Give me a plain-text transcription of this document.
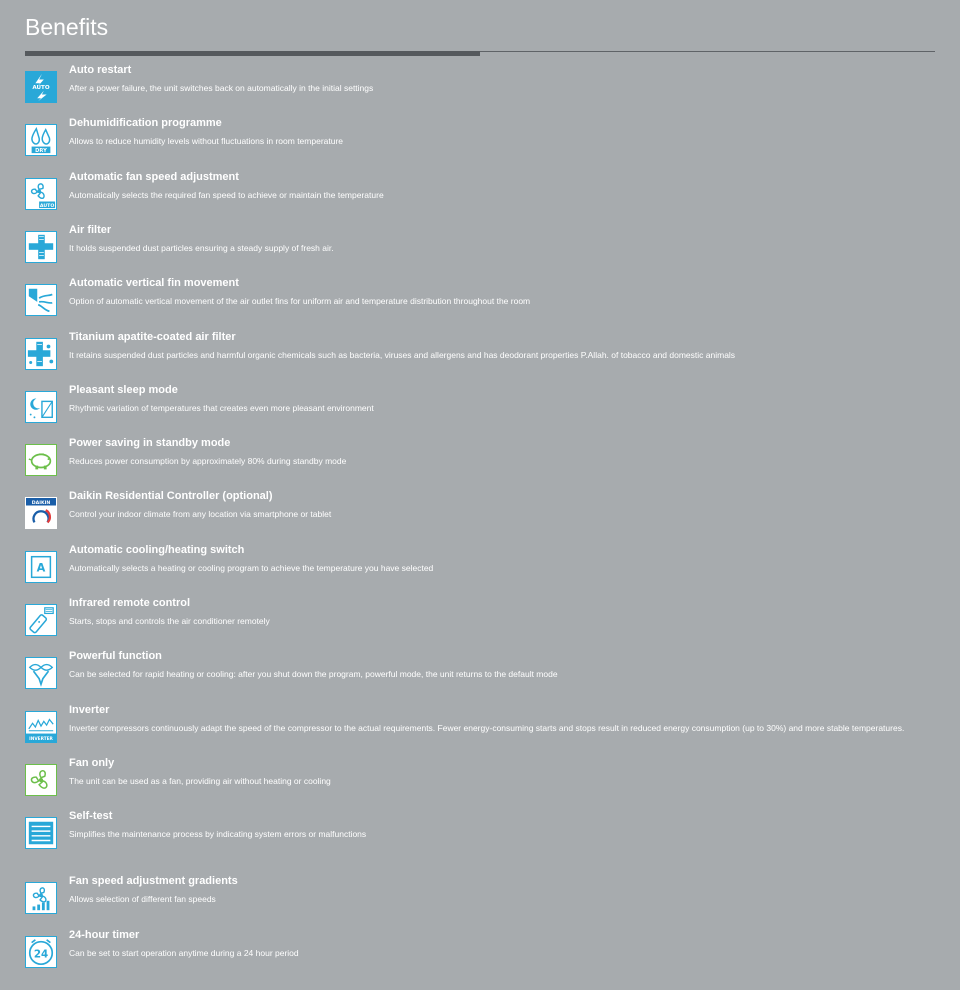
Benefits
AUTO
Auto restart
After a power failure, the unit switches back on automatically in the initial settings
DRY
Dehumidification programme
Allows to reduce humidity levels without fluctuations in room temperature
AUTO
Automatic fan speed adjustment
Automatically selects the required fan speed to achieve or maintain the temperature
Air filter
It holds suspended dust particles ensuring a steady supply of fresh air.
Automatic vertical fin movement
Option of automatic vertical movement of the air outlet fins for uniform air and temperature distribution throughout the room
Titanium apatite-coated air filter
It retains suspended dust particles and harmful organic chemicals such as bacteria, viruses and allergens and has deodorant properties P.Allah. of tobacco and domestic animals
Pleasant sleep mode
Rhythmic variation of temperatures that creates even more pleasant environment
Power saving in standby mode
Reduces power consumption by approximately 80% during standby mode
DAIKIN
Daikin Residential Controller (optional)
Control your indoor climate from any location via smartphone or tablet
A
Automatic cooling/heating switch
Automatically selects a heating or cooling program to achieve the temperature you have selected
Infrared remote control
Starts, stops and controls the air conditioner remotely
Powerful function
Can be selected for rapid heating or cooling: after you shut down the program, powerful mode, the unit returns to the default mode
INVERTER
Inverter
Inverter compressors continuously adapt the speed of the compressor to the actual requirements. Fewer energy-consuming starts and stops result in reduced energy consumption (up to 30%) and more stable temperatures.
Fan only
The unit can be used as a fan, providing air without heating or cooling
Self-test
Simplifies the maintenance process by indicating system errors or malfunctions
Fan speed adjustment gradients
Allows selection of different fan speeds
24
24-hour timer
Can be set to start operation anytime during a 24 hour period
